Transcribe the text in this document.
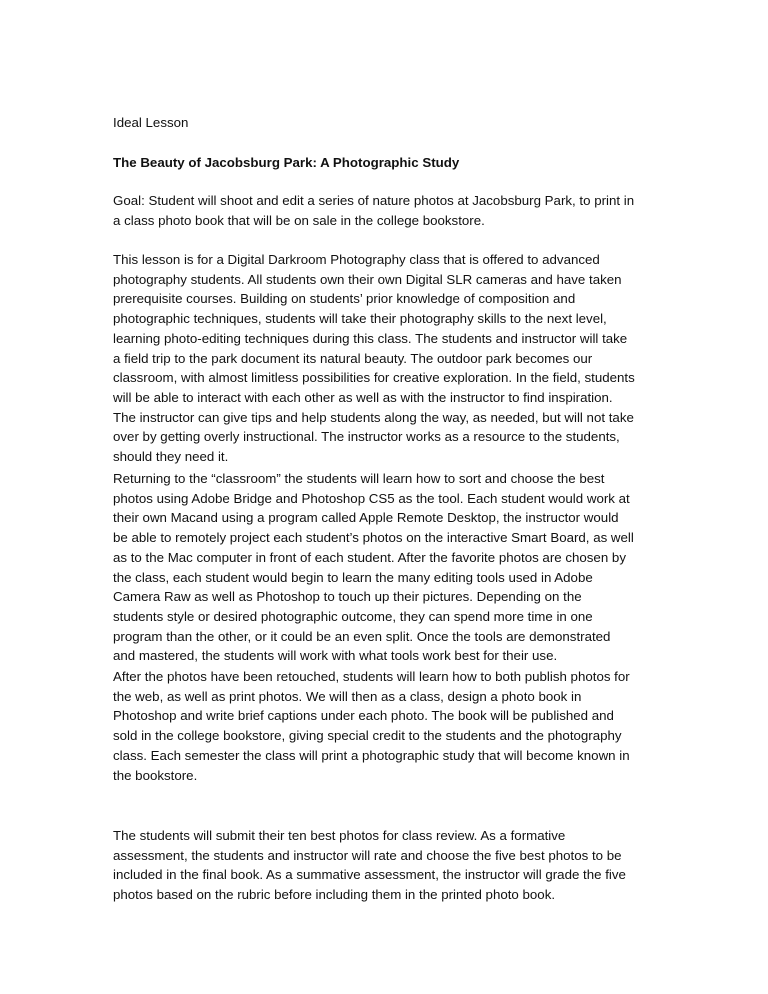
Ideal Lesson
The Beauty of Jacobsburg Park: A Photographic Study
Goal: Student will shoot and edit a series of nature photos at Jacobsburg Park, to print in
a class photo book that will be on sale in the college bookstore.
This lesson is for a Digital Darkroom Photography class that is offered to advanced
photography students. All students own their own Digital SLR cameras and have taken
prerequisite courses. Building on students’ prior knowledge of composition and
photographic techniques, students will take their photography skills to the next level,
learning photo-editing techniques during this class. The students and instructor will take
a field trip to the park document its natural beauty. The outdoor park becomes our
classroom, with almost limitless possibilities for creative exploration. In the field, students
will be able to interact with each other as well as with the instructor to find inspiration.
The instructor can give tips and help students along the way, as needed, but will not take
over by getting overly instructional. The instructor works as a resource to the students,
should they need it.
Returning to the “classroom” the students will learn how to sort and choose the best
photos using Adobe Bridge and Photoshop CS5 as the tool. Each student would work at
their own Macand using a program called Apple Remote Desktop, the instructor would
be able to remotely project each student’s photos on the interactive Smart Board, as well
as to the Mac computer in front of each student. After the favorite photos are chosen by
the class, each student would begin to learn the many editing tools used in Adobe
Camera Raw as well as Photoshop to touch up their pictures. Depending on the
students style or desired photographic outcome, they can spend more time in one
program than the other, or it could be an even split. Once the tools are demonstrated
and mastered, the students will work with what tools work best for their use.
After the photos have been retouched, students will learn how to both publish photos for
the web, as well as print photos. We will then as a class, design a photo book in
Photoshop and write brief captions under each photo. The book will be published and
sold in the college bookstore, giving special credit to the students and the photography
class. Each semester the class will print a photographic study that will become known in
the bookstore.
The students will submit their ten best photos for class review. As a formative
assessment, the students and instructor will rate and choose the five best photos to be
included in the final book. As a summative assessment, the instructor will grade the five
photos based on the rubric before including them in the printed photo book.
